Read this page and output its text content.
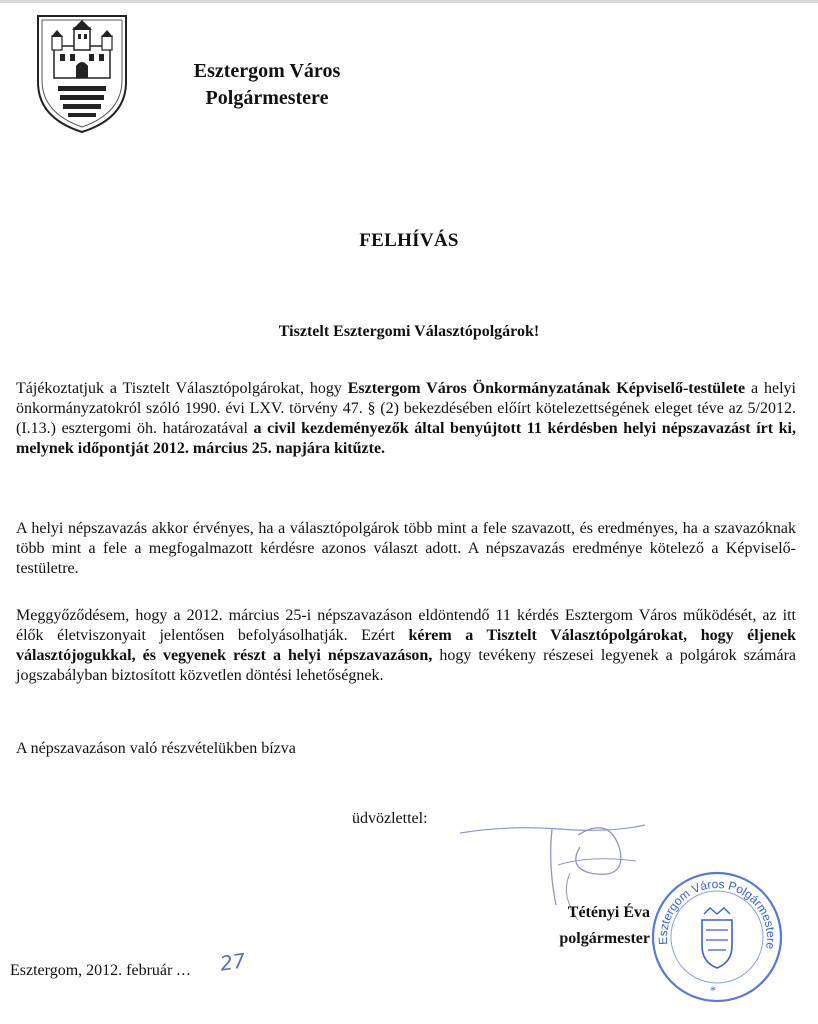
Esztergom Város
Polgármestere
FELHÍVÁS
Tisztelt Esztergomi Választópolgárok!
Tájékoztatjuk a Tisztelt Választópolgárokat, hogy Esztergom Város Önkormányzatának Képviselő-testülete a helyi önkormányzatokról szóló 1990. évi LXV. törvény 47. § (2) bekezdésében előírt kötelezettségének eleget téve az 5/2012. (I.13.) esztergomi öh. határozatával a civil kezdeményezők által benyújtott 11 kérdésben helyi népszavazást írt ki, melynek időpontját 2012. március 25. napjára kitűzte.
A helyi népszavazás akkor érvényes, ha a választópolgárok több mint a fele szavazott, és eredményes, ha a szavazóknak több mint a fele a megfogalmazott kérdésre azonos választ adott. A népszavazás eredménye kötelező a Képviselő-testületre.
Meggyőződésem, hogy a 2012. március 25-i népszavazáson eldöntendő 11 kérdés Esztergom Város működését, az itt élők életviszonyait jelentősen befolyásolhatják. Ezért kérem a Tisztelt Választópolgárokat, hogy éljenek választójogukkal, és vegyenek részt a helyi népszavazáson, hogy tevékeny részesei legyenek a polgárok számára jogszabályban biztosított közvetlen döntési lehetőségnek.
A népszavazáson való részvételükben bízva
üdvözlettel:
Tétényi Éva
polgármester Esztergom Város Polgármestere
*
Esztergom, 2012. február ... 27
